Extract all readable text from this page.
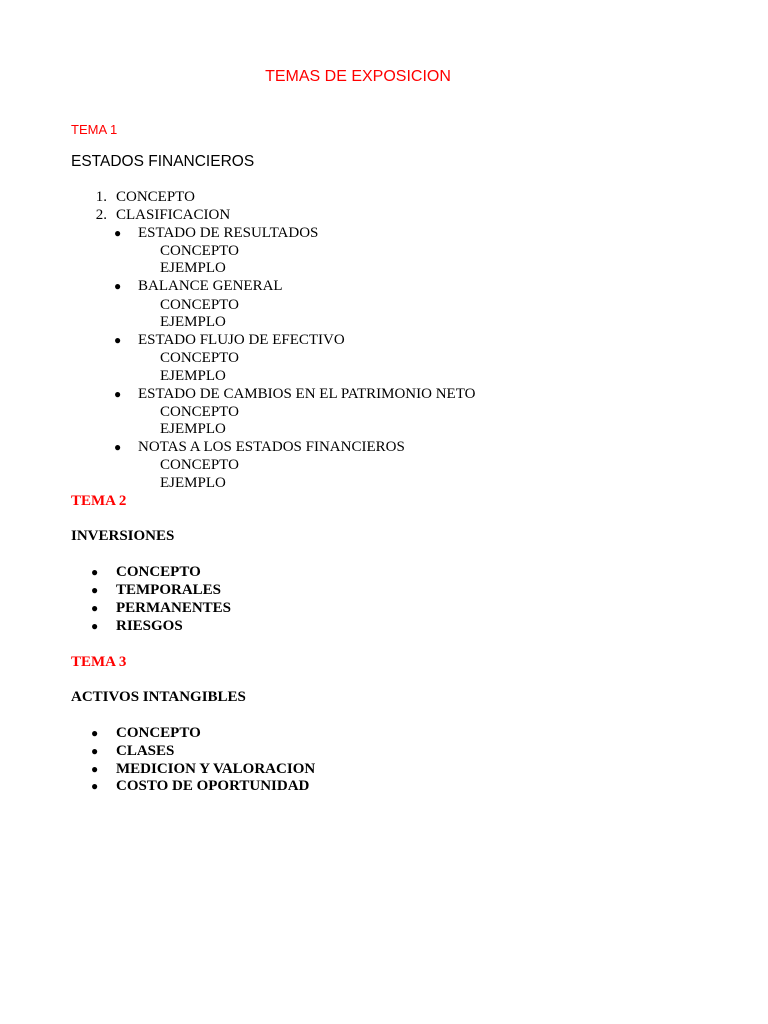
TEMAS DE EXPOSICION
TEMA 1
ESTADOS FINANCIEROS
1. CONCEPTO
2. CLASIFICACION
● ESTADO DE RESULTADOS
CONCEPTO
EJEMPLO
● BALANCE GENERAL
CONCEPTO
EJEMPLO
● ESTADO FLUJO DE EFECTIVO
CONCEPTO
EJEMPLO
● ESTADO DE CAMBIOS EN EL PATRIMONIO NETO
CONCEPTO
EJEMPLO
● NOTAS A LOS ESTADOS FINANCIEROS
CONCEPTO
EJEMPLO
TEMA 2
INVERSIONES
● CONCEPTO
● TEMPORALES
● PERMANENTES
● RIESGOS
TEMA 3
ACTIVOS INTANGIBLES
● CONCEPTO
● CLASES
● MEDICION Y VALORACION
● COSTO DE OPORTUNIDAD
